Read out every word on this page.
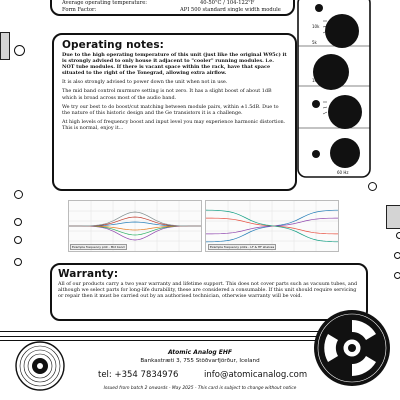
Average operating temperature:	40-50°C / 104-122°F
Form Factor:	API 500 standard single width module
Operating notes:

Due to the high operating temperature of this unit (just like the original W95c) it is strongly advised to only house it adjacent to "cooler" running modules. i.e. NOT tube modules. If there is vacant space within the rack, have that space situated to the right of the Tonegrad, allowing extra airflow.

It is also strongly advised to power down the unit when not in use.

The mid band control murmure setting is not zero. It has a slight boost of about 1dB which is broad across most of the audio band.

We try our best to do boost/cut matching between module pairs, within ±1.5dB. Due to the nature of this historic design and the Ge transistors it is a challenge.

At high levels of frequency boost and input level you may experience harmonic distortion. This is normal, enjoy it...

10k
5k
1k
60 Hz
Example frequency plot - Mid band	Example frequency plots - LF & HF shelves
Warranty:

All of our products carry a two year warranty and lifetime support. This does not cover parts such as vacuum tubes, and although we select parts for long-life durability, these are considered a consumable. If this unit should require servicing or repair then it must be carried out by an authorised technician, otherwise warranty will be void.

Atomic Analog EHF
Bankastræti 3, 755 Stöðvarfjörður, Iceland
tel: +354 7834976	info@atomicanalog.com
Issued from batch 2 onwards - May 2025 - This card is subject to change without notice
